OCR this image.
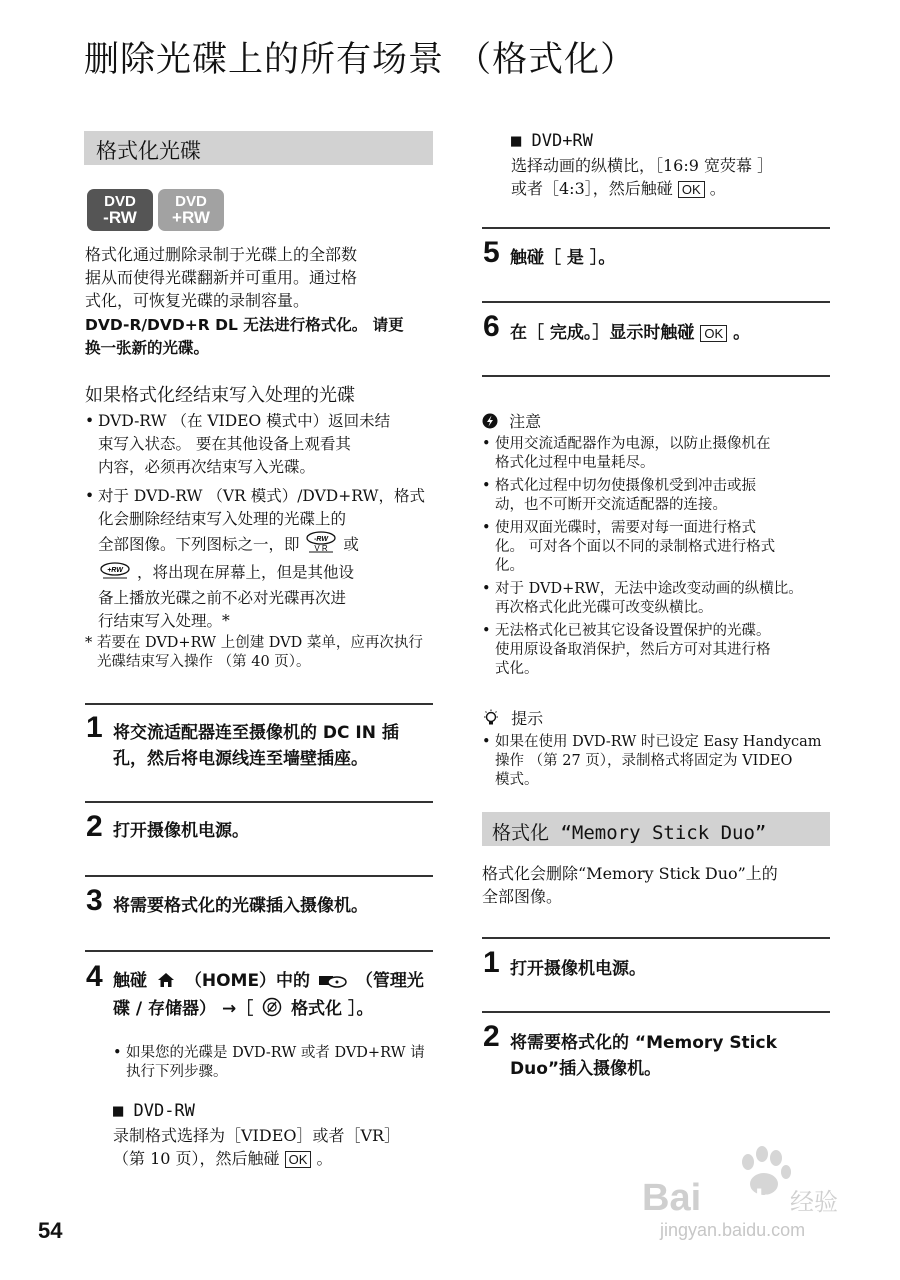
删除光碟上的所有场景 （格式化）
格式化光碟
DVD
-RW
DVD
+RW
格式化通过删除录制于光碟上的全部数
据从而使得光碟翻新并可重用。通过格
式化，可恢复光碟的录制容量。
DVD-R/DVD+R DL 无法进行格式化。 请更
换一张新的光碟。
如果格式化经结束写入处理的光碟
• DVD-RW （在 VIDEO 模式中）返回未结
束写入状态。 要在其他设备上观看其
内容，必须再次结束写入光碟。
• 对于 DVD-RW （VR 模式）/DVD+RW，格式
化会删除经结束写入处理的光碟上的
全部图像。下列图标之一，即 -RW
V R 或
+RW ，将出现在屏幕上，但是其他设
备上播放光碟之前不必对光碟再次进
行结束写入处理。*
* 若要在 DVD+RW 上创建 DVD 菜单，应再次执行
光碟结束写入操作 （第 40 页）。
1 将交流适配器连至摄像机的 DC IN 插
孔，然后将电源线连至墙壁插座。
2 打开摄像机电源。
3 将需要格式化的光碟插入摄像机。
4 触碰 （HOME）中的	（管理光
碟 / 存储器） →［ 格式化 ］。
• 如果您的光碟是 DVD-RW 或者 DVD+RW 请
执行下列步骤。
■ DVD-RW
录制格式选择为［VIDEO］或者［VR］
（第 10 页），然后触碰 OK 。
■ DVD+RW
选择动画的纵横比，［16:9 宽荧幕 ］
或者［4:3］，然后触碰 OK 。
5 触碰［ 是 ］。
6 在［ 完成。］显示时触碰 OK 。
注意
• 使用交流适配器作为电源，以防止摄像机在
格式化过程中电量耗尽。
• 格式化过程中切勿使摄像机受到冲击或振
动，也不可断开交流适配器的连接。
• 使用双面光碟时，需要对每一面进行格式
化。 可对各个面以不同的录制格式进行格式
化。
• 对于 DVD+RW，无法中途改变动画的纵横比。
再次格式化此光碟可改变纵横比。
• 无法格式化已被其它设备设置保护的光碟。
使用原设备取消保护，然后方可对其进行格
式化。
提示
• 如果在使用 DVD-RW 时已设定 Easy Handycam
操作 （第 27 页），录制格式将固定为 VIDEO
模式。
格式化 “Memory Stick Duo”
格式化会删除“Memory Stick Duo”上的
全部图像。
1 打开摄像机电源。
2 将需要格式化的 “Memory Stick
Duo”插入摄像机。
54
Bai du 经验
jingyan.baidu.com
